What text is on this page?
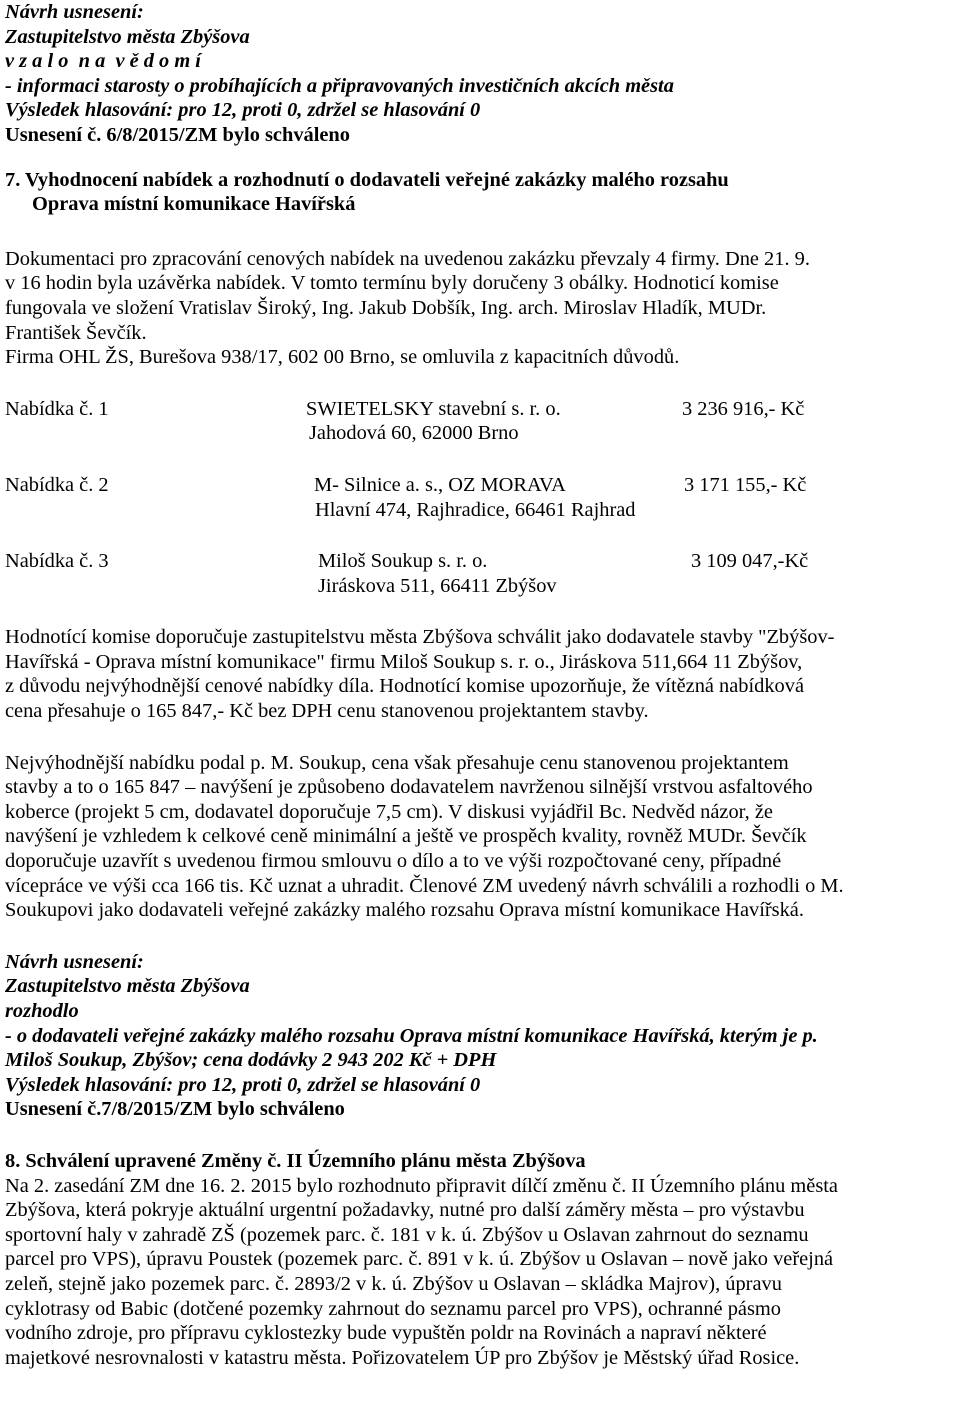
Návrh usnesení:
Zastupitelstvo města Zbýšova
v z a l o  n a  v ě d o m í
- informaci starosty o probíhajících a připravovaných investičních akcích města
Výsledek hlasování: pro 12, proti 0, zdržel se hlasování 0
Usnesení č. 6/8/2015/ZM bylo schváleno
7. Vyhodnocení nabídek a rozhodnutí o dodavateli veřejné zakázky malého rozsahu
Oprava místní komunikace Havířská
Dokumentaci pro zpracování cenových nabídek na uvedenou zakázku převzaly 4 firmy. Dne 21. 9.
v 16 hodin byla uzávěrka nabídek. V tomto termínu byly doručeny 3 obálky. Hodnoticí komise
fungovala ve složení Vratislav Široký, Ing. Jakub Dobšík, Ing. arch. Miroslav Hladík, MUDr.
František Ševčík.
Firma OHL ŽS, Burešova 938/17, 602 00 Brno, se omluvila z kapacitních důvodů.
Nabídka č. 1	SWIETELSKY stavební s. r. o.	3 236 916,- Kč
Jahodová 60, 62000 Brno
Nabídka č. 2	M- Silnice a. s., OZ MORAVA	3 171 155,- Kč
Hlavní 474, Rajhradice, 66461 Rajhrad
Nabídka č. 3	Miloš Soukup s. r. o.	3 109 047,-Kč
Jiráskova 511, 66411 Zbýšov
Hodnotící komise doporučuje zastupitelstvu města Zbýšova schválit jako dodavatele stavby "Zbýšov-
Havířská - Oprava místní komunikace" firmu Miloš Soukup s. r. o., Jiráskova 511,664 11 Zbýšov,
z důvodu nejvýhodnější cenové nabídky díla. Hodnotící komise upozorňuje, že vítězná nabídková
cena přesahuje o 165 847,- Kč bez DPH cenu stanovenou projektantem stavby.
Nejvýhodnější nabídku podal p. M. Soukup, cena však přesahuje cenu stanovenou projektantem
stavby a to o 165 847 – navýšení je způsobeno dodavatelem navrženou silnější vrstvou asfaltového
koberce (projekt 5 cm, dodavatel doporučuje 7,5 cm). V diskusi vyjádřil Bc. Nedvěd názor, že
navýšení je vzhledem k celkové ceně minimální a ještě ve prospěch kvality, rovněž MUDr. Ševčík
doporučuje uzavřít s uvedenou firmou smlouvu o dílo a to ve výši rozpočtované ceny, případné
vícepráce ve výši cca 166 tis. Kč uznat a uhradit. Členové ZM uvedený návrh schválili a rozhodli o M.
Soukupovi jako dodavateli veřejné zakázky malého rozsahu Oprava místní komunikace Havířská.
Návrh usnesení:
Zastupitelstvo města Zbýšova
rozhodlo
- o dodavateli veřejné zakázky malého rozsahu Oprava místní komunikace Havířská, kterým je p.
Miloš Soukup, Zbýšov; cena dodávky 2 943 202 Kč + DPH
Výsledek hlasování: pro 12, proti 0, zdržel se hlasování 0
Usnesení č.7/8/2015/ZM bylo schváleno
8. Schválení upravené Změny č. II Územního plánu města Zbýšova
Na 2. zasedání ZM dne 16. 2. 2015 bylo rozhodnuto připravit dílčí změnu č. II Územního plánu města
Zbýšova, která pokryje aktuální urgentní požadavky, nutné pro další záměry města – pro výstavbu
sportovní haly v zahradě ZŠ (pozemek parc. č. 181 v k. ú. Zbýšov u Oslavan zahrnout do seznamu
parcel pro VPS), úpravu Poustek (pozemek parc. č. 891 v k. ú. Zbýšov u Oslavan – nově jako veřejná
zeleň, stejně jako pozemek parc. č. 2893/2 v k. ú. Zbýšov u Oslavan – skládka Majrov), úpravu
cyklotrasy od Babic (dotčené pozemky zahrnout do seznamu parcel pro VPS), ochranné pásmo
vodního zdroje, pro přípravu cyklostezky bude vypuštěn poldr na Rovinách a napraví některé
majetkové nesrovnalosti v katastru města. Pořizovatelem ÚP pro Zbýšov je Městský úřad Rosice.
